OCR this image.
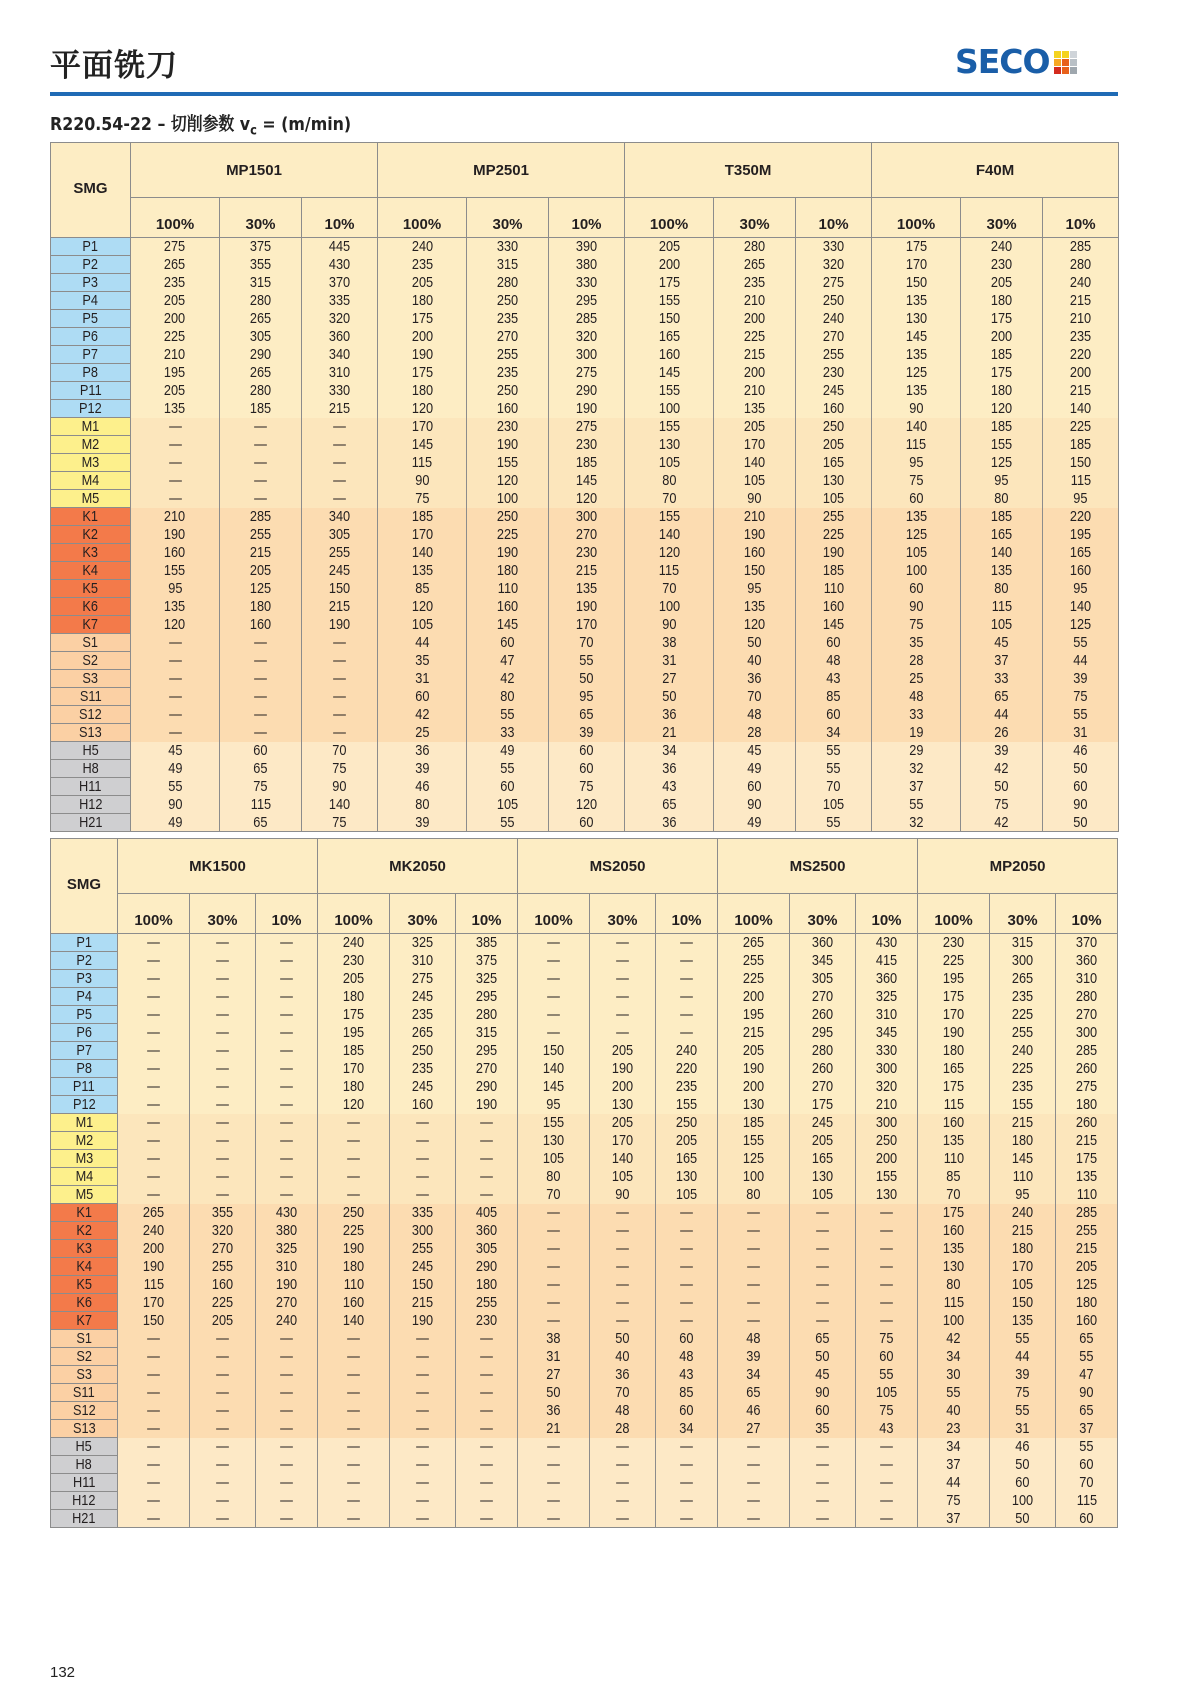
平面铣刀	SECO
R220.54-22 – 切削参数 $v_c = (m/\min)$
SMG	MP1501			MP2501			T350M			F40M		
	100%	30%	10%	100%	30%	10%	100%	30%	10%	100%	30%	10%
P1	275	375	445	240	330	390	205	280	330	175	240	285
P2	265	355	430	235	315	380	200	265	320	170	230	280
P3	235	315	370	205	280	330	175	235	275	150	205	240
P4	205	280	335	180	250	295	155	210	250	135	180	215
P5	200	265	320	175	235	285	150	200	240	130	175	210
P6	225	305	360	200	270	320	165	225	270	145	200	235
P7	210	290	340	190	255	300	160	215	255	135	185	220
P8	195	265	310	175	235	275	145	200	230	125	175	200
P11	205	280	330	180	250	290	155	210	245	135	180	215
P12	135	185	215	120	160	190	100	135	160	90	120	140
M1	—	—	—	170	230	275	155	205	250	140	185	225
M2	—	—	—	145	190	230	130	170	205	115	155	185
M3	—	—	—	115	155	185	105	140	165	95	125	150
M4	—	—	—	90	120	145	80	105	130	75	95	115
M5	—	—	—	75	100	120	70	90	105	60	80	95
K1	210	285	340	185	250	300	155	210	255	135	185	220
K2	190	255	305	170	225	270	140	190	225	125	165	195
K3	160	215	255	140	190	230	120	160	190	105	140	165
K4	155	205	245	135	180	215	115	150	185	100	135	160
K5	95	125	150	85	110	135	70	95	110	60	80	95
K6	135	180	215	120	160	190	100	135	160	90	115	140
K7	120	160	190	105	145	170	90	120	145	75	105	125
S1	—	—	—	44	60	70	38	50	60	35	45	55
S2	—	—	—	35	47	55	31	40	48	28	37	44
S3	—	—	—	31	42	50	27	36	43	25	33	39
S11	—	—	—	60	80	95	50	70	85	48	65	75
S12	—	—	—	42	55	65	36	48	60	33	44	55
S13	—	—	—	25	33	39	21	28	34	19	26	31
H5	45	60	70	36	49	60	34	45	55	29	39	46
H8	49	65	75	39	55	60	36	49	55	32	42	50
H11	55	75	90	46	60	75	43	60	70	37	50	60
H12	90	115	140	80	105	120	65	90	105	55	75	90
H21	49	65	75	39	55	60	36	49	55	32	42	50
SMG	MK1500			MK2050			MS2050			MS2500			MP2050		
	100%	30%	10%	100%	30%	10%	100%	30%	10%	100%	30%	10%	100%	30%	10%
P1	—	—	—	240	325	385	—	—	—	265	360	430	230	315	370
P2	—	—	—	230	310	375	—	—	—	255	345	415	225	300	360
P3	—	—	—	205	275	325	—	—	—	225	305	360	195	265	310
P4	—	—	—	180	245	295	—	—	—	200	270	325	175	235	280
P5	—	—	—	175	235	280	—	—	—	195	260	310	170	225	270
P6	—	—	—	195	265	315	—	—	—	215	295	345	190	255	300
P7	—	—	—	185	250	295	150	205	240	205	280	330	180	240	285
P8	—	—	—	170	235	270	140	190	220	190	260	300	165	225	260
P11	—	—	—	180	245	290	145	200	235	200	270	320	175	235	275
P12	—	—	—	120	160	190	95	130	155	130	175	210	115	155	180
M1	—	—	—	—	—	—	155	205	250	185	245	300	160	215	260
M2	—	—	—	—	—	—	130	170	205	155	205	250	135	180	215
M3	—	—	—	—	—	—	105	140	165	125	165	200	110	145	175
M4	—	—	—	—	—	—	80	105	130	100	130	155	85	110	135
M5	—	—	—	—	—	—	70	90	105	80	105	130	70	95	110
K1	265	355	430	250	335	405	—	—	—	—	—	—	175	240	285
K2	240	320	380	225	300	360	—	—	—	—	—	—	160	215	255
K3	200	270	325	190	255	305	—	—	—	—	—	—	135	180	215
K4	190	255	310	180	245	290	—	—	—	—	—	—	130	170	205
K5	115	160	190	110	150	180	—	—	—	—	—	—	80	105	125
K6	170	225	270	160	215	255	—	—	—	—	—	—	115	150	180
K7	150	205	240	140	190	230	—	—	—	—	—	—	100	135	160
S1	—	—	—	—	—	—	38	50	60	48	65	75	42	55	65
S2	—	—	—	—	—	—	31	40	48	39	50	60	34	44	55
S3	—	—	—	—	—	—	27	36	43	34	45	55	30	39	47
S11	—	—	—	—	—	—	50	70	85	65	90	105	55	75	90
S12	—	—	—	—	—	—	36	48	60	46	60	75	40	55	65
S13	—	—	—	—	—	—	21	28	34	27	35	43	23	31	37
H5	—	—	—	—	—	—	—	—	—	—	—	—	34	46	55
H8	—	—	—	—	—	—	—	—	—	—	—	—	37	50	60
H11	—	—	—	—	—	—	—	—	—	—	—	—	44	60	70
H12	—	—	—	—	—	—	—	—	—	—	—	—	75	100	115
H21	—	—	—	—	—	—	—	—	—	—	—	—	37	50	60
132
